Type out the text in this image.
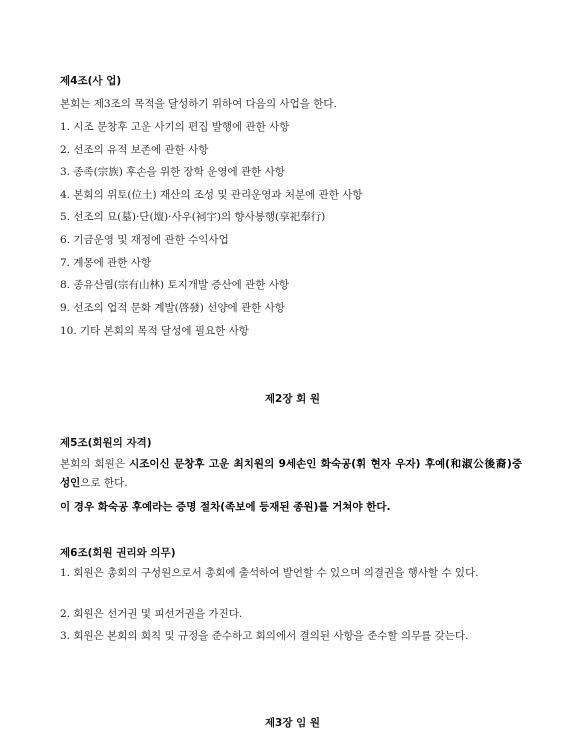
제4조(사 업)
본회는 제3조의 목적을 달성하기 위하여 다음의 사업을 한다.
1. 시조 문창후 고운 사기의 편집 발행에 관한 사항
2. 선조의 유적 보존에 관한 사항
3. 종족(宗族) 후손을 위한 장학 운영에 관한 사항
4. 본회의 위토(位土) 재산의 조성 및 관리운영과 처분에 관한 사항
5. 선조의 묘(墓)·단(壇)·사우(祠宇)의 향사봉행(享祀奉行)
6. 기금운영 및 재정에 관한 수익사업
7. 계몽에 관한 사항
8. 종유산림(宗有山林) 토지개발 증산에 관한 사항
9. 선조의 업적 문화 계발(啓發) 선양에 관한 사항
10. 기타 본회의 목적 달성에 필요한 사항
제2장 회 원
제5조(회원의 자격)
본회의 회원은 시조이신 문창후 고운 최치원의 9세손인 화숙공(휘 현자 우자) 후예(和淑公後裔)중 성인으로 한다.
이 경우 화숙공 후예라는 증명 절차(족보에 등재된 종원)를 거쳐야 한다.
제6조(회원 권리와 의무)
1. 회원은 총회의 구성원으로서 총회에 출석하여 발언할 수 있으며 의결권을 행사할 수 있다.
2. 회원은 선거권 및 피선거권을 가진다.
3. 회원은 본회의 회칙 및 규정을 준수하고 회의에서 결의된 사항을 준수할 의무를 갖는다.
제3장 임 원
